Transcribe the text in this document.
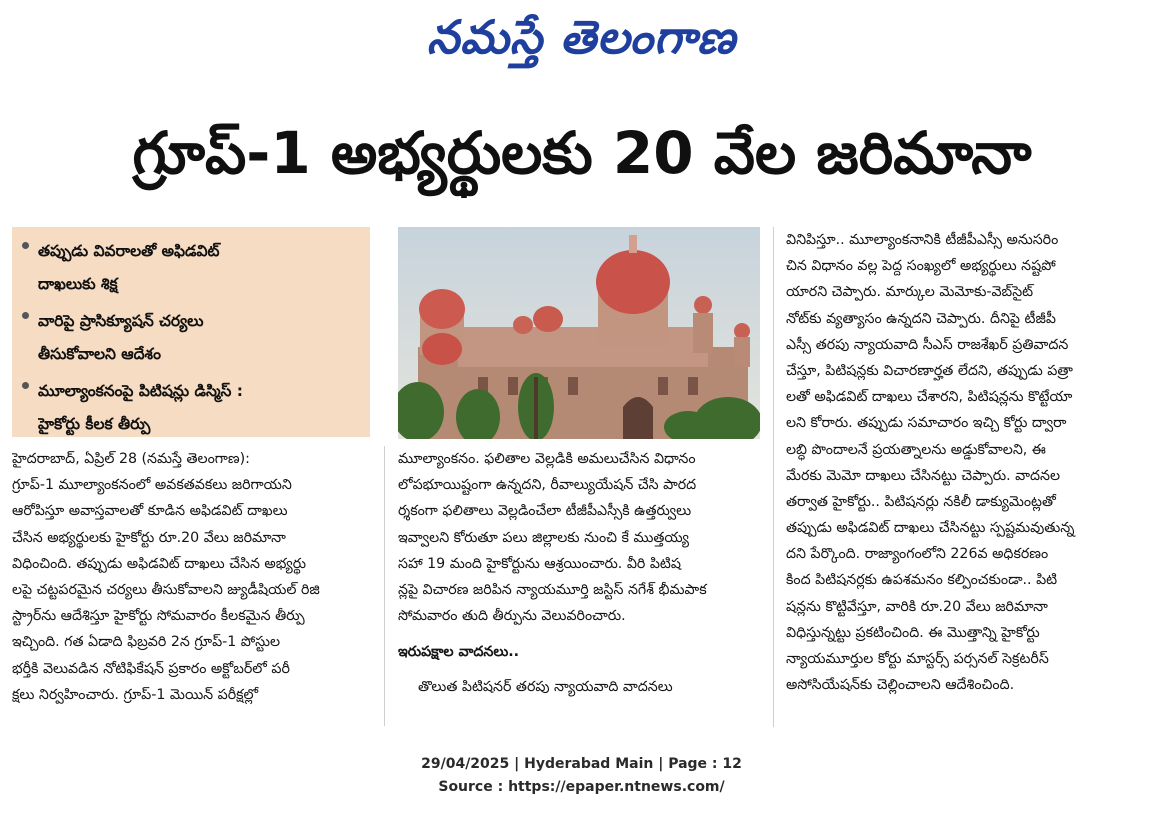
నమస్తే తెలంగాణ
గ్రూప్-1 అభ్యర్థులకు 20 వేల జరిమానా
తప్పుడు వివరాలతో అఫిడవిట్
దాఖలుకు శిక్ష
వారిపై ప్రాసిక్యూషన్ చర్యలు
తీసుకోవాలని ఆదేశం
మూల్యాంకనంపై పిటిషన్లు డిస్మిస్ :
హైకోర్టు కీలక తీర్పు
హైదరాబాద్, ఏప్రిల్ 28 (నమస్తే తెలంగాణ):
గ్రూప్-1 మూల్యాంకనంలో అవకతవకలు జరిగాయని
ఆరోపిస్తూ అవాస్తవాలతో కూడిన అఫిడవిట్ దాఖలు
చేసిన అభ్యర్థులకు హైకోర్టు రూ.20 వేలు జరిమానా
విధించింది. తప్పుడు అఫిడవిట్ దాఖలు చేసిన అభ్యర్థు
లపై చట్టపరమైన చర్యలు తీసుకోవాలని జ్యుడీషియల్ రిజి
స్ట్రార్‌ను ఆదేశిస్తూ హైకోర్టు సోమవారం కీలకమైన తీర్పు
ఇచ్చింది. గత ఏడాది ఫిబ్రవరి 2న గ్రూప్-1 పోస్టుల
భర్తీకి వెలువడిన నోటిఫికేషన్ ప్రకారం అక్టోబర్‌లో పరీ
క్షలు నిర్వహించారు. గ్రూప్-1 మెయిన్ పరీక్షల్లో
మూల్యాంకనం. ఫలితాల వెల్లడికి అమలుచేసిన విధానం
లోపభూయిష్టంగా ఉన్నదని, రీవాల్యుయేషన్ చేసి పారద
ర్శకంగా ఫలితాలు వెల్లడించేలా టీజీపీఎస్సీకి ఉత్తర్వులు
ఇవ్వాలని కోరుతూ పలు జిల్లాలకు నుంచి కే ముత్తయ్య
సహా 19 మంది హైకోర్టును ఆశ్రయించారు. వీరి పిటిష
న్లపై విచారణ జరిపిన న్యాయమూర్తి జస్టిస్ నగేశ్ భీమపాక
సోమవారం తుది తీర్పును వెలువరించారు.
ఇరుపక్షాల వాదనలు..
తొలుత పిటిషనర్ తరపు న్యాయవాది వాదనలు
వినిపిస్తూ.. మూల్యాంకనానికి టీజీపీఎస్సీ అనుసరిం
చిన విధానం వల్ల పెద్ద సంఖ్యలో అభ్యర్థులు నష్టపో
యారని చెప్పారు. మార్కుల మెమోకు-వెబ్‌సైట్
నోట్‌కు వ్యత్యాసం ఉన్నదని చెప్పారు. దీనిపై టీజీపీ
ఎస్సీ తరపు న్యాయవాది సీఎస్ రాజశేఖర్ ప్రతివాదన
చేస్తూ, పిటిషన్లకు విచారణార్హత లేదని, తప్పుడు పత్రా
లతో అఫిడవిట్ దాఖలు చేశారని, పిటిషన్లను కొట్టేయా
లని కోరారు. తప్పుడు సమాచారం ఇచ్చి కోర్టు ద్వారా
లబ్ధి పొందాలనే ప్రయత్నాలను అడ్డుకోవాలని, ఈ
మేరకు మెమో దాఖలు చేసినట్టు చెప్పారు. వాదనల
తర్వాత హైకోర్టు.. పిటిషనర్లు నకిలీ డాక్యుమెంట్లతో
తప్పుడు అఫిడవిట్ దాఖలు చేసినట్టు స్పష్టమవుతున్న
దని పేర్కొంది. రాజ్యాంగంలోని 226వ అధికరణం
కింద పిటిషనర్లకు ఉపశమనం కల్పించకుండా.. పిటి
షన్లను కొట్టివేస్తూ, వారికి రూ.20 వేలు జరిమానా
విధిస్తున్నట్టు ప్రకటించింది. ఈ మొత్తాన్ని హైకోర్టు
న్యాయమూర్తుల కోర్టు మాస్టర్స్ పర్సనల్ సెక్రటరీస్
అసోసియేషన్‌కు చెల్లించాలని ఆదేశించింది.
29/04/2025 | Hyderabad Main | Page : 12
Source : https://epaper.ntnews.com/
